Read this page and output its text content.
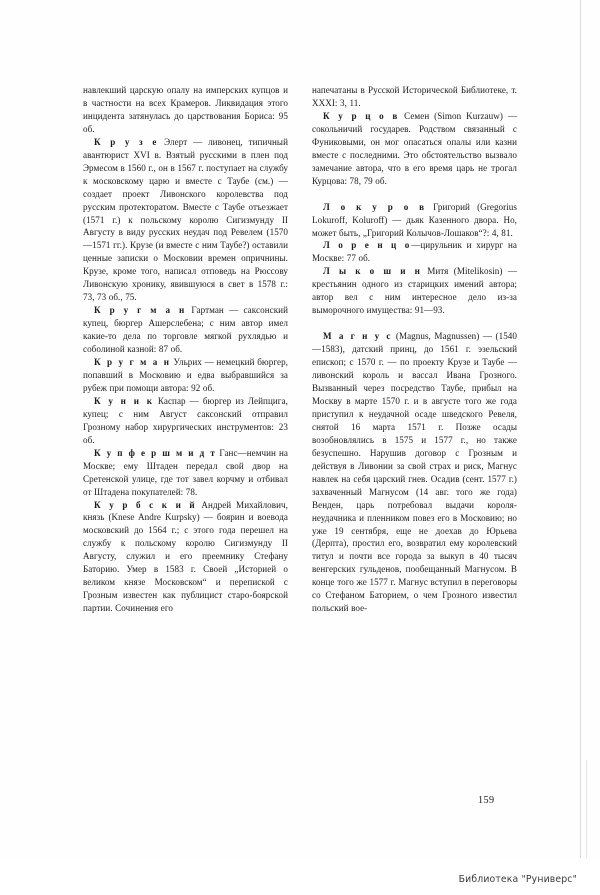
навлекший царскую опалу на имперских купцов и в частности на всех Крамеров. Ликвидация этого инцидента затянулась до царствования Бориса: 95 об.

К р у з е Элерт — ливонец, типичный авантюрист XVI в. Взятый русскими в плен под Эрмесом в 1560 г., он в 1567 г. поступает на службу к московскому царю и вместе с Таубе (см.) — создает проект Ливонского королевства под русским протекторатом. Вместе с Таубе отъезжает (1571 г.) к польскому королю Сигизмунду II Августу в виду русских неудач под Ревелем (1570—1571 гг.). Крузе (и вместе с ним Таубе?) оставили ценные записки о Московии времен опричнины. Крузе, кроме того, написал отповедь на Рюссову Ливонскую хронику, явившуюся в свет в 1578 г.: 73, 73 об., 75.

К р у г м а н Гартман — саксонский купец, бюргер Ашерслебена; с ним автор имел какие-то дела по торговле мягкой рухлядью и соболиной казной: 87 об.

К р у г м а н Ульрих — немецкий бюргер, попавший в Московию и едва выбравшийся за рубеж при помощи автора: 92 об.

К у н и к Каспар — бюргер из Лейпцига, купец; с ним Август саксонский отправил Грозному набор хирургических инструментов: 23 об.

К у п ф е р ш м и д т Ганс—немчин на Москве; ему Штаден передал свой двор на Сретенской улице, где тот завел корчму и отбивал от Штадена покупателей: 78.

К у р б с к и й Андрей Михайлович, князь (Knese Andre Kurpsky) — боярин и воевода московский до 1564 г.; с этого года перешел на службу к польскому королю Сигизмунду II Августу, служил и его преемнику Стефану Баторию. Умер в 1583 г. Своей „Историей о великом князе Московском“ и перепиской с Грозным известен как публицист старо-боярской партии. Сочинения его

напечатаны в Русской Исторической Библиотеке, т. XXXI: 3, 11.

К у р ц о в Семен (Simon Kurzauw) — сокольничий государев. Родством связанный с Фуниковыми, он мог опасаться опалы или казни вместе с последними. Это обстоятельство вызвало замечание автора, что в его время царь не трогал Курцова: 78, 79 об.

Л о к у р о в Григорий (Gregorius Lokuroff, Koluroff) — дьяк Казенного двора. Но, может быть, „Григорий Колычов-Лошаков“?: 4, 81.

Л о р е н ц о—цирульник и хирург на Москве: 77 об.

Л ы к о ш и н Митя (Mitelikosin) — крестьянин одного из старицких имений автора; автор вел с ним интересное дело из-за выморочного имущества: 91—93.

М а г н у с (Magnus, Magnussen) — (1540—1583), датский принц, до 1561 г. эзельский епископ; с 1570 г. — по проекту Крузе и Таубе — ливонский король и вассал Ивана Грозного. Вызванный через посредство Таубе, прибыл на Москву в марте 1570 г. и в августе того же года приступил к неудачной осаде шведского Ревеля, снятой 16 марта 1571 г. Позже осады возобновлялись в 1575 и 1577 г., но также безуспешно. Нарушив договор с Грозным и действуя в Ливонии за свой страх и риск, Магнус навлек на себя царский гнев. Осадив (сент. 1577 г.) захваченный Магнусом (14 авг. того же года) Венден, царь потребовал выдачи короля-неудачника и пленником повез его в Московию; но уже 19 сентября, еще не доехав до Юрьева (Дерпта), простил его, возвратил ему королевский титул и почти все города за выкуп в 40 тысяч венгерских гульденов, пообещанный Магнусом. В конце того же 1577 г. Магнус вступил в переговоры со Стефаном Баторием, о чем Грозного известил польский вое-

159
Библиотека "Руниверс"
